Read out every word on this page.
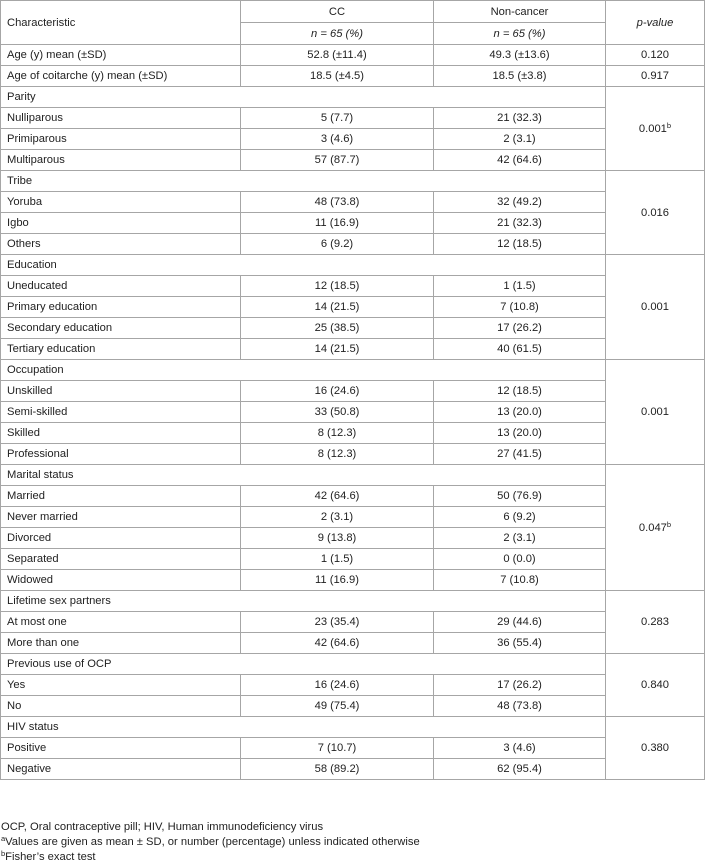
Characteristic	CC	Non-cancer	p-value
	n = 65 (%)	n = 65 (%)	
Age (y) mean (±SD)	52.8 (±11.4)	49.3 (±13.6)	0.120
Age of coitarche (y) mean (±SD)	18.5 (±4.5)	18.5 (±3.8)	0.917
Parity			0.001$^b$
Nulliparous	5 (7.7)	21 (32.3)	
Primiparous	3 (4.6)	2 (3.1)	
Multiparous	57 (87.7)	42 (64.6)	
Tribe			0.016
Yoruba	48 (73.8)	32 (49.2)	
Igbo	11 (16.9)	21 (32.3)	
Others	6 (9.2)	12 (18.5)	
Education			0.001
Uneducated	12 (18.5)	1 (1.5)	
Primary education	14 (21.5)	7 (10.8)	
Secondary education	25 (38.5)	17 (26.2)	
Tertiary education	14 (21.5)	40 (61.5)	
Occupation			0.001
Unskilled	16 (24.6)	12 (18.5)	
Semi-skilled	33 (50.8)	13 (20.0)	
Skilled	8 (12.3)	13 (20.0)	
Professional	8 (12.3)	27 (41.5)	
Marital status			0.047$^b$
Married	42 (64.6)	50 (76.9)	
Never married	2 (3.1)	6 (9.2)	
Divorced	9 (13.8)	2 (3.1)	
Separated	1 (1.5)	0 (0.0)	
Widowed	11 (16.9)	7 (10.8)	
Lifetime sex partners			0.283
At most one	23 (35.4)	29 (44.6)	
More than one	42 (64.6)	36 (55.4)	
Previous use of OCP			0.840
Yes	16 (24.6)	17 (26.2)	
No	49 (75.4)	48 (73.8)	
HIV status			0.380
Positive	7 (10.7)	3 (4.6)	
Negative	58 (89.2)	62 (95.4)	
OCP, Oral contraceptive pill; HIV, Human immunodeficiency virus
$^a$Values are given as mean ± SD, or number (percentage) unless indicated otherwise
$^b$Fisher’s exact test
